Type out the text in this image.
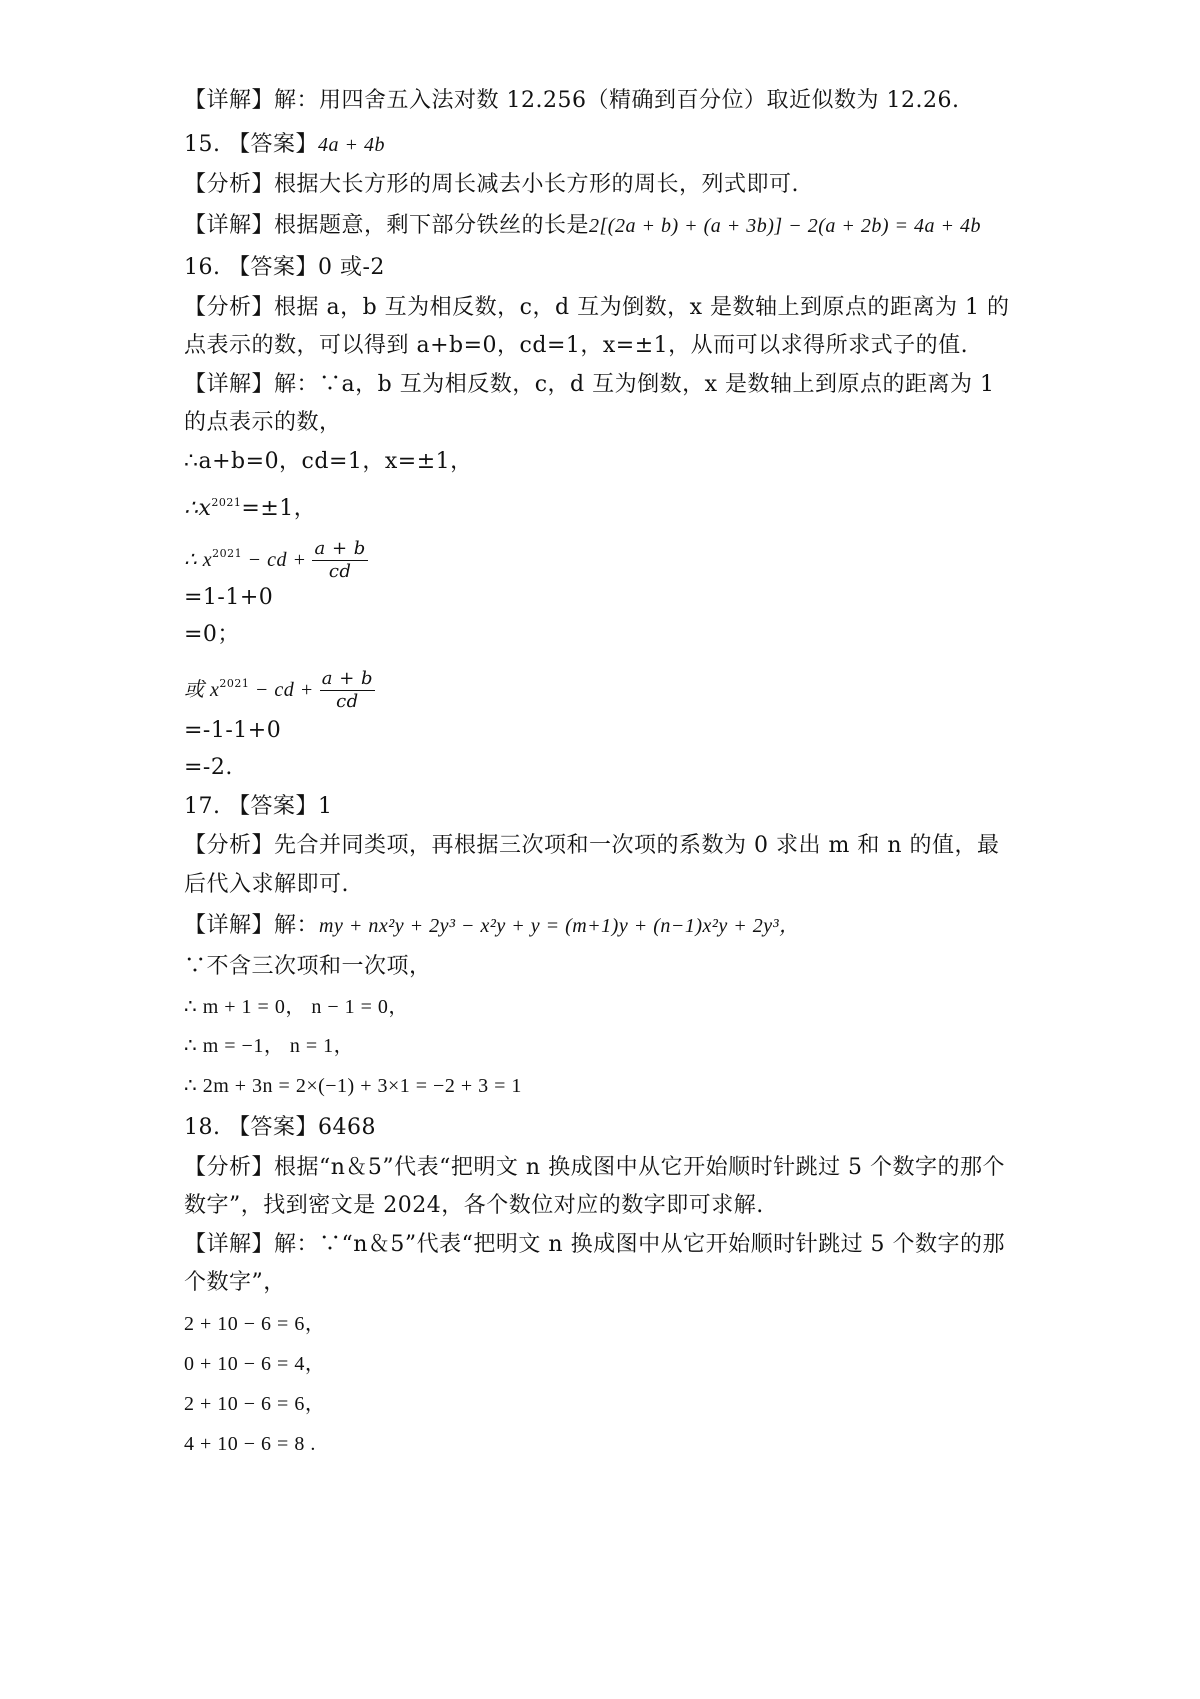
【详解】解：用四舍五入法对数 12.256（精确到百分位）取近似数为 12.26.
15. 【答案】4a + 4b
【分析】根据大长方形的周长减去小长方形的周长，列式即可.
【详解】根据题意，剩下部分铁丝的长是2[(2a + b) + (a + 3b)] − 2(a + 2b) = 4a + 4b
16. 【答案】0 或-2
【分析】根据 a，b 互为相反数，c，d 互为倒数，x 是数轴上到原点的距离为 1 的
点表示的数，可以得到 a+b=0，cd=1，x=±1，从而可以求得所求式子的值.
【详解】解：∵a，b 互为相反数，c，d 互为倒数，x 是数轴上到原点的距离为 1
的点表示的数，
∴a+b=0，cd=1，x=±1，
$\therefore x^{2021}=\pm 1$，
∴ $x^{2021}$ − cd + $\frac{a + b}{cd}$
=1-1+0
=0；
或 $x^{2021}$ − cd + $\frac{a + b}{cd}$
=-1-1+0
=-2.
17. 【答案】1
【分析】先合并同类项，再根据三次项和一次项的系数为 0 求出 m 和 n 的值，最
后代入求解即可.
【详解】解：my + nx²y + 2y³ − x²y + y = (m+1)y + (n−1)x²y + 2y³，
∵不含三次项和一次项，
∴ m + 1 = 0， n − 1 = 0，
∴ m = −1， n = 1，
∴ 2m + 3n = 2×(−1) + 3×1 = −2 + 3 = 1
18. 【答案】6468
【分析】根据“n＆5”代表“把明文 n 换成图中从它开始顺时针跳过 5 个数字的那个
数字”，找到密文是 2024，各个数位对应的数字即可求解.
【详解】解：∵“n＆5”代表“把明文 n 换成图中从它开始顺时针跳过 5 个数字的那
个数字”，
2 + 10 − 6 = 6，
0 + 10 − 6 = 4，
2 + 10 − 6 = 6，
4 + 10 − 6 = 8 .
